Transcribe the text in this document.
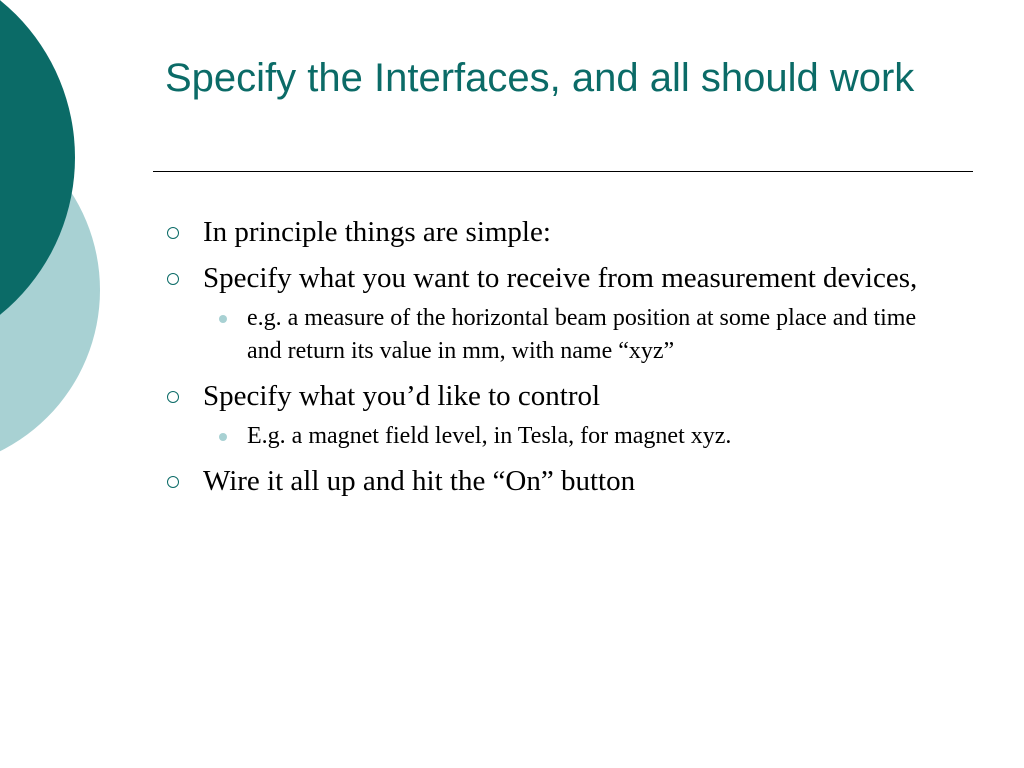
Specify the Interfaces, and all should work
In principle things are simple:
Specify what you want to receive from measurement devices,
e.g. a measure of the horizontal beam position at some place and time and return its value in mm, with name “xyz”
Specify what you’d like to control
E.g. a magnet field level, in Tesla, for magnet xyz.
Wire it all up and hit the “On” button
